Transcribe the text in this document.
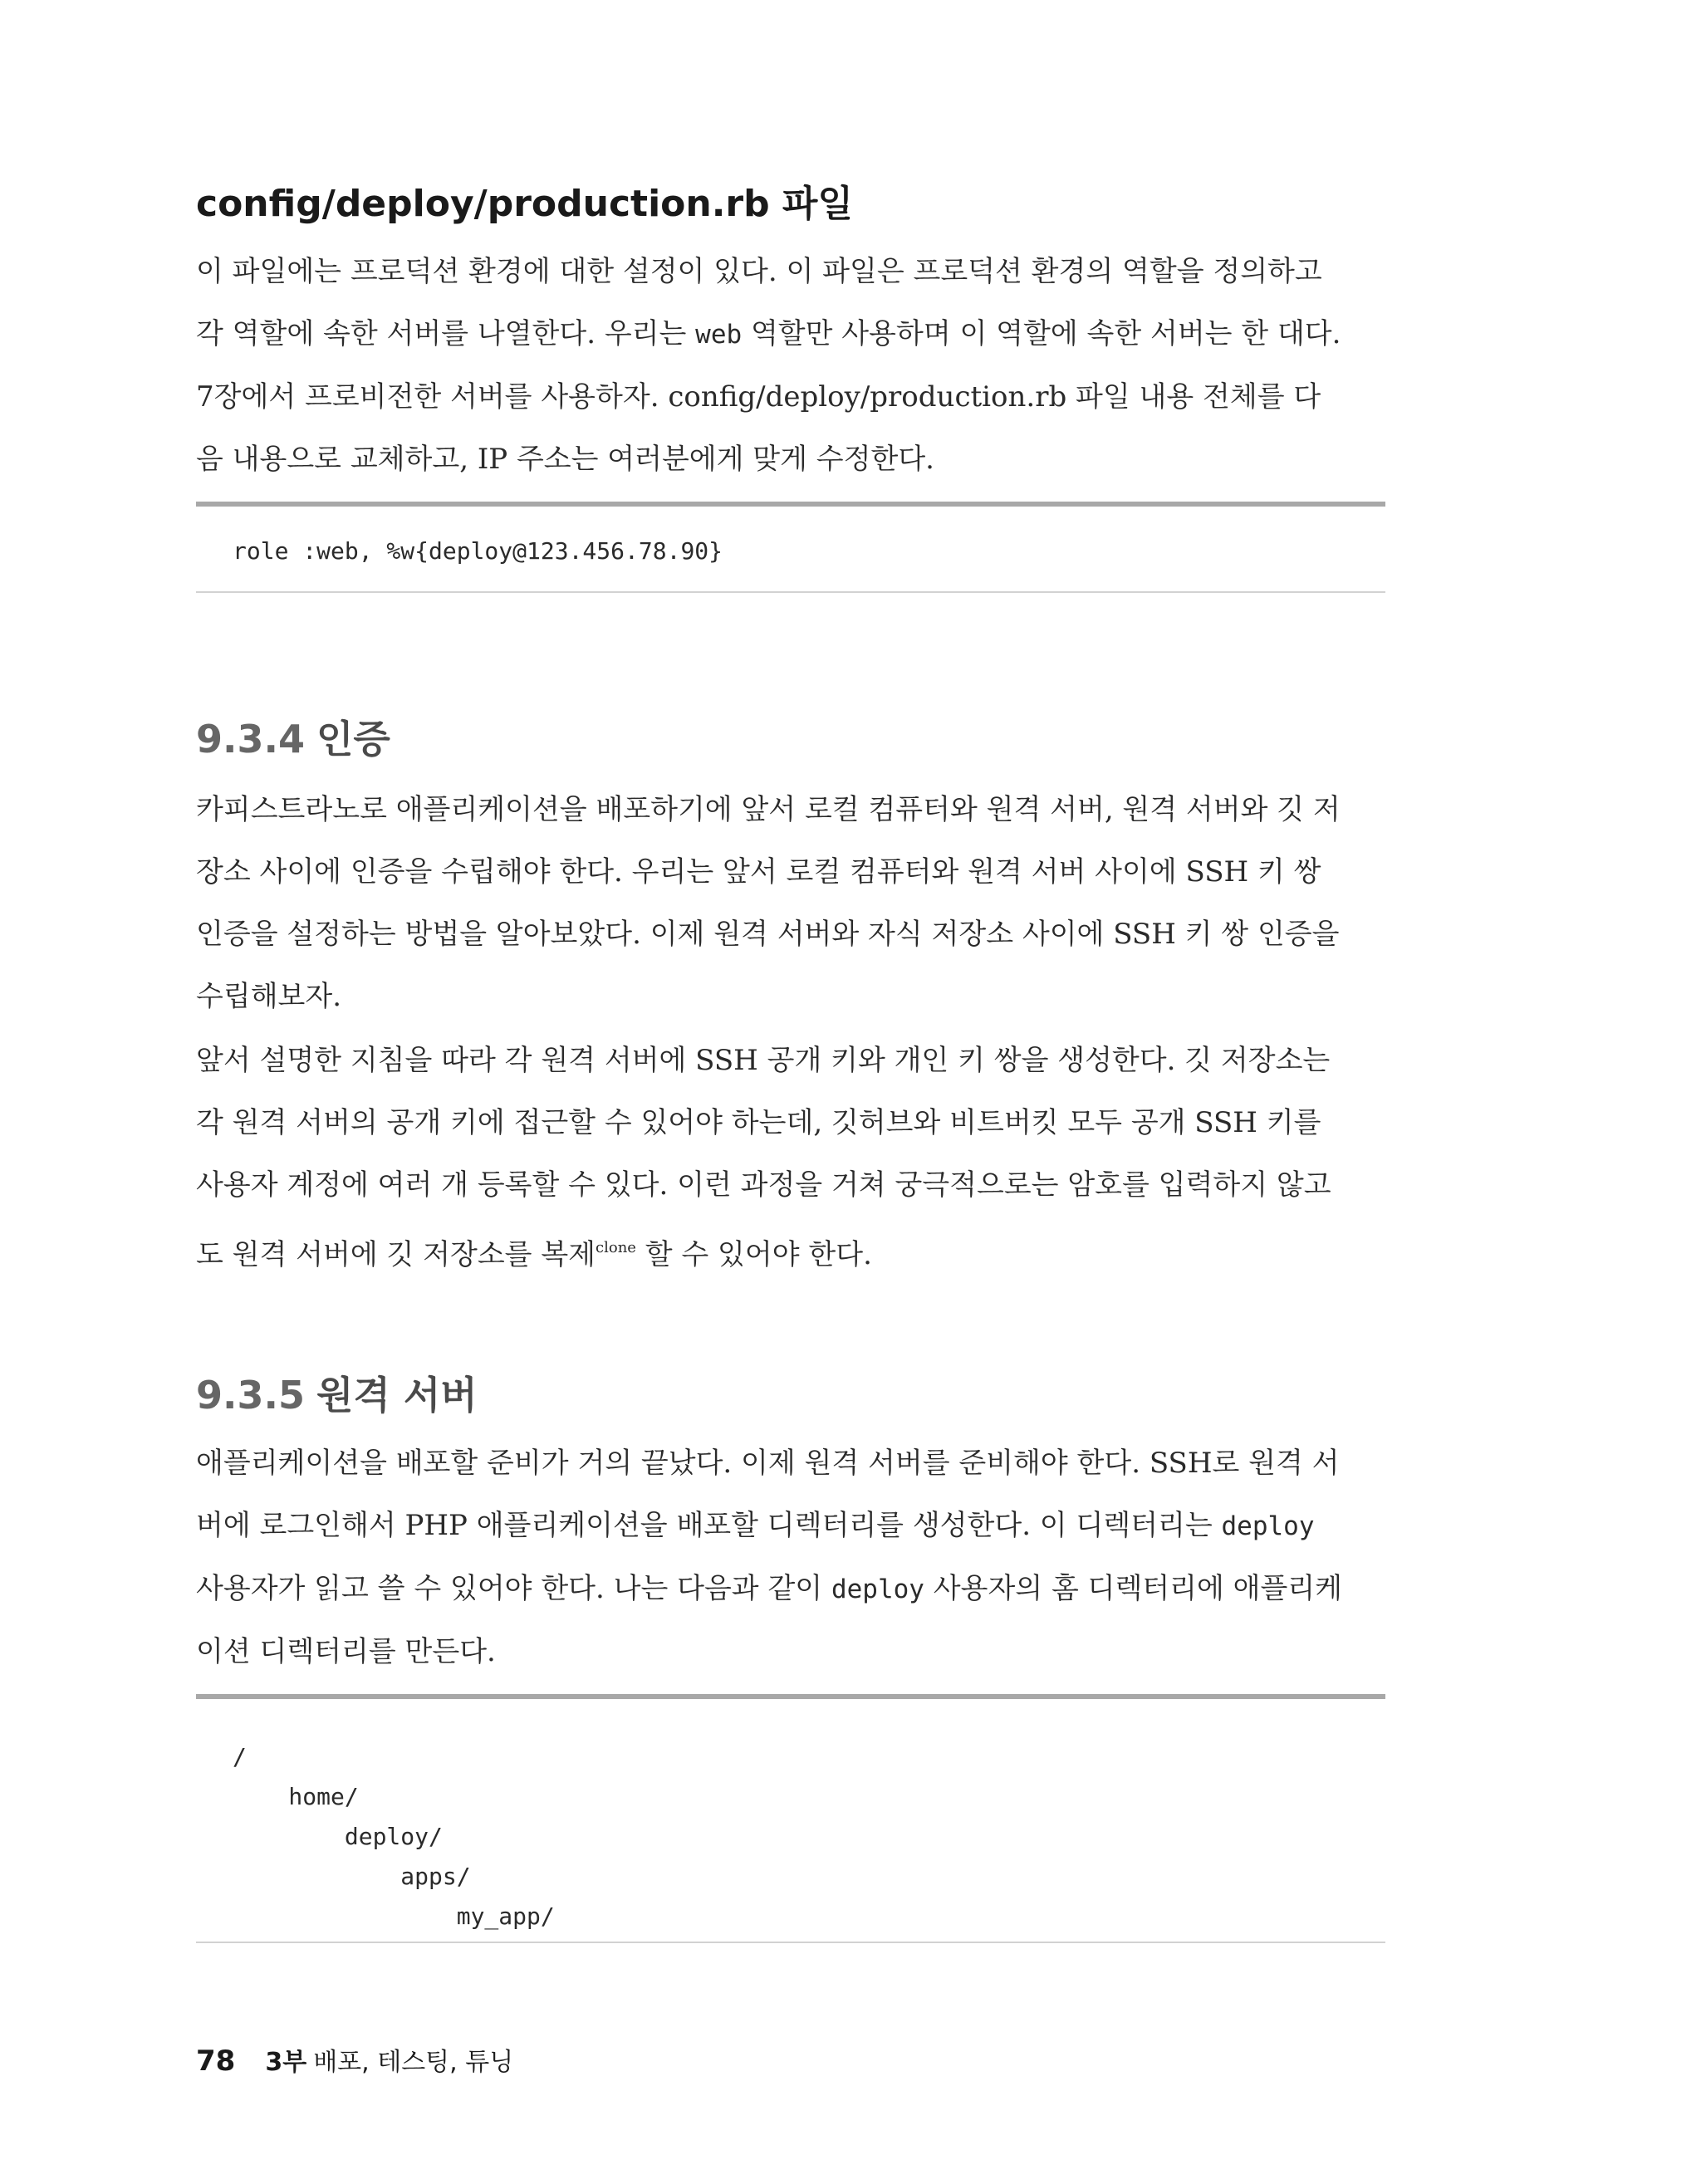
config/deploy/production.rb 파일

이 파일에는 프로덕션 환경에 대한 설정이 있다. 이 파일은 프로덕션 환경의 역할을 정의하고
각 역할에 속한 서버를 나열한다. 우리는 web 역할만 사용하며 이 역할에 속한 서버는 한 대다.
7장에서 프로비전한 서버를 사용하자. config/deploy/production.rb 파일 내용 전체를 다
음 내용으로 교체하고, IP 주소는 여러분에게 맞게 수정한다.

role :web, %w{deploy@123.456.78.90}
9.3.4 인증

카피스트라노로 애플리케이션을 배포하기에 앞서 로컬 컴퓨터와 원격 서버, 원격 서버와 깃 저
장소 사이에 인증을 수립해야 한다. 우리는 앞서 로컬 컴퓨터와 원격 서버 사이에 SSH 키 쌍
인증을 설정하는 방법을 알아보았다. 이제 원격 서버와 자식 저장소 사이에 SSH 키 쌍 인증을
수립해보자.

앞서 설명한 지침을 따라 각 원격 서버에 SSH 공개 키와 개인 키 쌍을 생성한다. 깃 저장소는
각 원격 서버의 공개 키에 접근할 수 있어야 하는데, 깃허브와 비트버킷 모두 공개 SSH 키를
사용자 계정에 여러 개 등록할 수 있다. 이런 과정을 거쳐 궁극적으로는 암호를 입력하지 않고
도 원격 서버에 깃 저장소를 복제$^{clone}$ 할 수 있어야 한다.

9.3.5 원격 서버

애플리케이션을 배포할 준비가 거의 끝났다. 이제 원격 서버를 준비해야 한다. SSH로 원격 서
버에 로그인해서 PHP 애플리케이션을 배포할 디렉터리를 생성한다. 이 디렉터리는 deploy
사용자가 읽고 쓸 수 있어야 한다. 나는 다음과 같이 deploy 사용자의 홈 디렉터리에 애플리케
이션 디렉터리를 만든다.

/
home/
deploy/
apps/
my_app/
78 3부 배포, 테스팅, 튜닝
